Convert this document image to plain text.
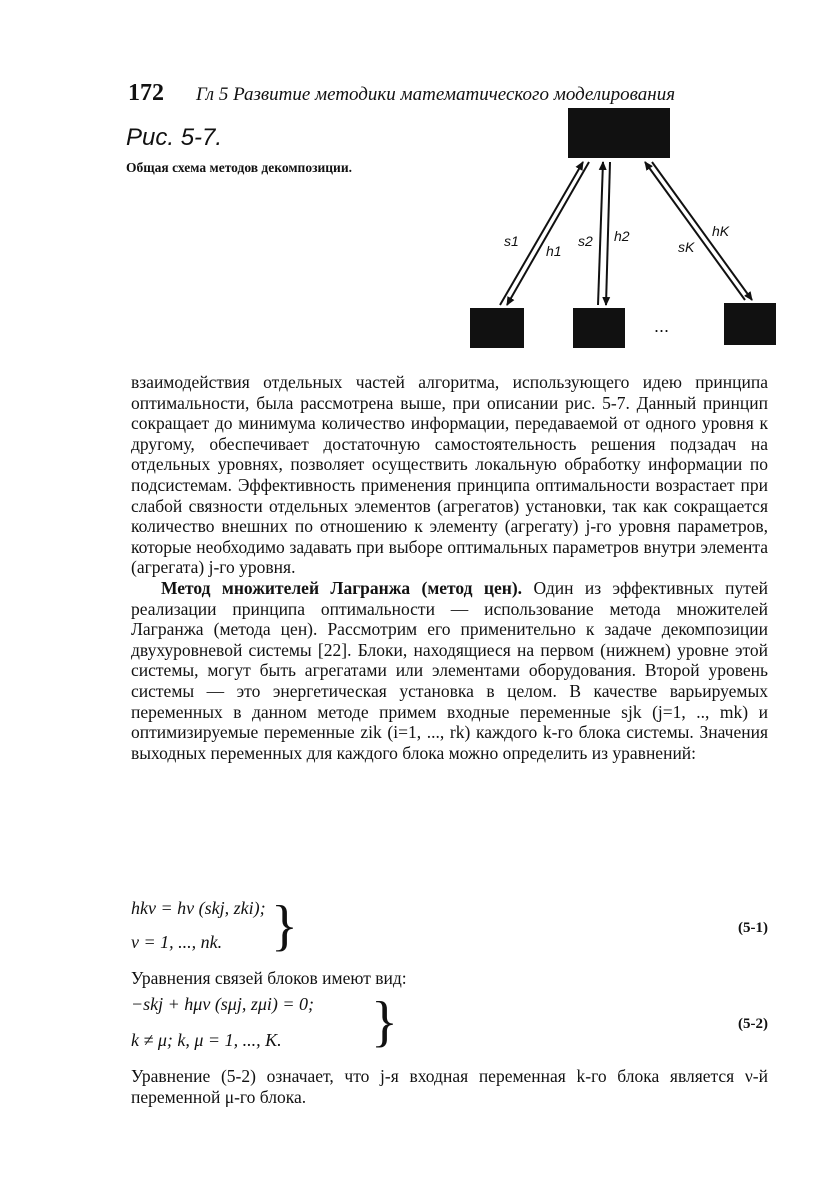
172 Гл 5 Развитие методики математического моделирования
Рис. 5-7.
Общая схема методов декомпозиции.
s1
h1
s2 h2
sK
hK
...

взаимодействия отдельных частей алгоритма, использующего идею принципа оптимальности, была рассмотрена выше, при описании рис. 5-7. Данный принцип сокращает до минимума количество информации, передаваемой от одного уровня к другому, обеспечивает достаточную самостоятельность решения подзадач на отдельных уровнях, позволяет осуществить локальную обработку информации по подсистемам. Эффективность применения принципа оптимальности возрастает при слабой связности отдельных элементов (агрегатов) установки, так как сокращается количество внешних по отношению к элементу (агрегату) j-го уровня параметров, которые необходимо задавать при выборе оптимальных параметров внутри элемента (агрегата) j-го уровня.

Метод множителей Лагранжа (метод цен). Один из эффективных путей реализации принципа оптимальности — использование метода множителей Лагранжа (метода цен). Рассмотрим его применительно к задаче декомпозиции двухуровневой системы [22]. Блоки, находящиеся на первом (нижнем) уровне этой системы, могут быть агрегатами или элементами оборудования. Второй уровень системы — это энергетическая установка в целом. В качестве варьируемых переменных в данном методе примем входные переменные sjk (j=1, .., mk) и оптимизируемые переменные zik (i=1, ..., rk) каждого k-го блока системы. Значения выходных переменных для каждого блока можно определить из уравнений:

hkν = hν (skj, zki);
ν = 1, ..., nk. }	(5-1)
Уравнения связей блоков имеют вид:
−skj + hμν (sμj, zμi) = 0;
k ≠ μ; k, μ = 1, ..., K. }	(5-2)
Уравнение (5-2) означает, что j-я входная переменная k-го блока является ν-й переменной μ-го блока.
